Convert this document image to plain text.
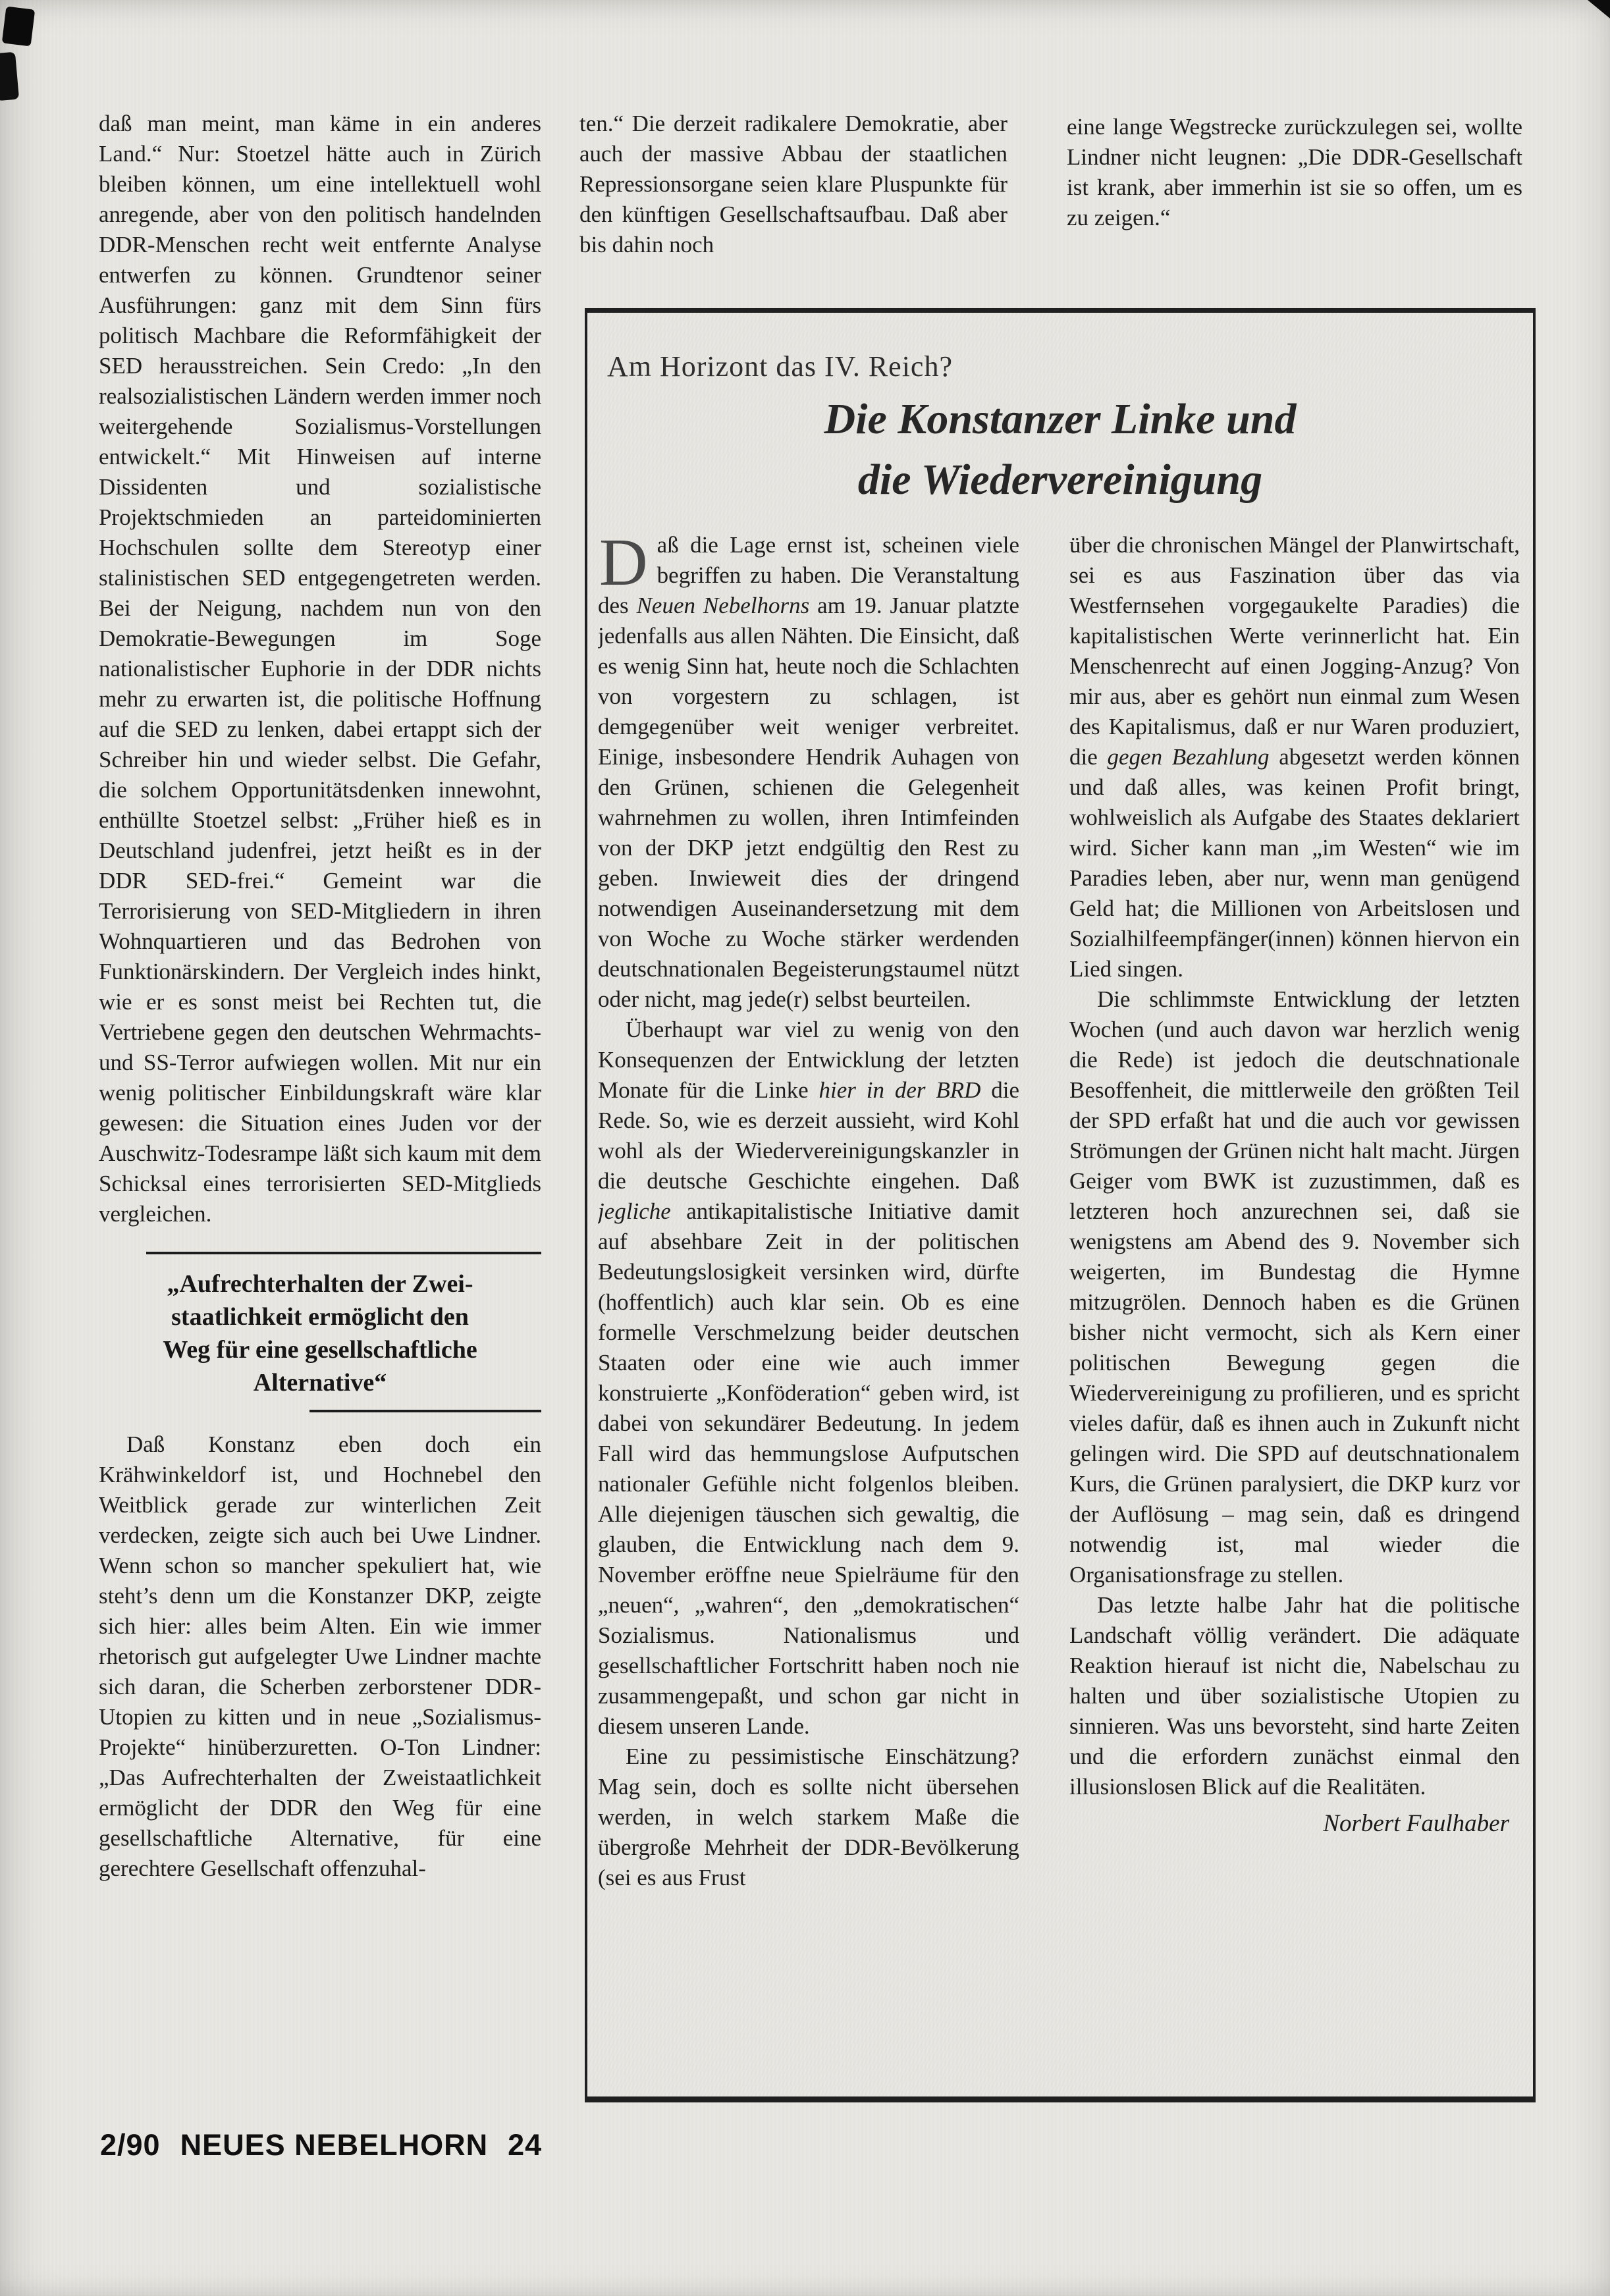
daß man meint, man käme in ein anderes Land.“ Nur: Stoetzel hätte auch in Zürich bleiben können, um eine intellektuell wohl anregende, aber von den politisch handelnden DDR-Menschen recht weit entfernte Analyse entwerfen zu können. Grundtenor seiner Ausführungen: ganz mit dem Sinn fürs politisch Machbare die Reformfähigkeit der SED herausstreichen. Sein Credo: „In den realsozialistischen Ländern werden immer noch weitergehende Sozialismus-Vorstellungen entwickelt.“ Mit Hinweisen auf interne Dissidenten und sozialistische Projektschmieden an parteidominierten Hochschulen sollte dem Stereotyp einer stalinistischen SED entgegengetreten werden. Bei der Neigung, nachdem nun von den Demokratie-Bewegungen im Soge nationalistischer Euphorie in der DDR nichts mehr zu erwarten ist, die politische Hoffnung auf die SED zu lenken, dabei ertappt sich der Schreiber hin und wieder selbst. Die Gefahr, die solchem Opportunitätsdenken innewohnt, enthüllte Stoetzel selbst: „Früher hieß es in Deutschland judenfrei, jetzt heißt es in der DDR SED-frei.“ Gemeint war die Terrorisierung von SED-Mitgliedern in ihren Wohnquartieren und das Bedrohen von Funktionärskindern. Der Vergleich indes hinkt, wie er es sonst meist bei Rechten tut, die Vertriebene gegen den deutschen Wehrmachts- und SS-Terror aufwiegen wollen. Mit nur ein wenig politischer Einbildungskraft wäre klar gewesen: die Situation eines Juden vor der Auschwitz-Todesrampe läßt sich kaum mit dem Schicksal eines terrorisierten SED-Mitglieds vergleichen.

„Aufrechterhalten der Zwei-
staatlichkeit ermöglicht den
Weg für eine gesellschaftliche
Alternative“

Daß Konstanz eben doch ein Krähwinkeldorf ist, und Hochnebel den Weitblick gerade zur winterlichen Zeit verdecken, zeigte sich auch bei Uwe Lindner. Wenn schon so mancher spekuliert hat, wie steht’s denn um die Konstanzer DKP, zeigte sich hier: alles beim Alten. Ein wie immer rhetorisch gut aufgelegter Uwe Lindner machte sich daran, die Scherben zerborstener DDR-Utopien zu kitten und in neue „Sozialismus-Projekte“ hinüberzuretten. O-Ton Lindner: „Das Aufrechterhalten der Zweistaatlichkeit ermöglicht der DDR den Weg für eine gesellschaftliche Alternative, für eine gerechtere Gesellschaft offenzuhal-

ten.“ Die derzeit radikalere Demokratie, aber auch der massive Abbau der staatlichen Repressionsorgane seien klare Pluspunkte für den künftigen Gesellschaftsaufbau. Daß aber bis dahin noch

eine lange Wegstrecke zurückzulegen sei, wollte Lindner nicht leugnen: „Die DDR-Gesellschaft ist krank, aber immerhin ist sie so offen, um es zu zeigen.“

Am Horizont das IV. Reich?
Die Konstanzer Linke und
die Wiedervereinigung

Daß die Lage ernst ist, scheinen viele begriffen zu haben. Die Veranstaltung des Neuen Nebelhorns am 19. Januar platzte jedenfalls aus allen Nähten. Die Einsicht, daß es wenig Sinn hat, heute noch die Schlachten von vorgestern zu schlagen, ist demgegenüber weit weniger verbreitet. Einige, insbesondere Hendrik Auhagen von den Grünen, schienen die Gelegenheit wahrnehmen zu wollen, ihren Intimfeinden von der DKP jetzt endgültig den Rest zu geben. Inwieweit dies der dringend notwendigen Auseinandersetzung mit dem von Woche zu Woche stärker werdenden deutschnationalen Begeisterungstaumel nützt oder nicht, mag jede(r) selbst beurteilen.

Überhaupt war viel zu wenig von den Konsequenzen der Entwicklung der letzten Monate für die Linke hier in der BRD die Rede. So, wie es derzeit aussieht, wird Kohl wohl als der Wiedervereinigungskanzler in die deutsche Geschichte eingehen. Daß jegliche antikapitalistische Initiative damit auf absehbare Zeit in der politischen Bedeutungslosigkeit versinken wird, dürfte (hoffentlich) auch klar sein. Ob es eine formelle Verschmelzung beider deutschen Staaten oder eine wie auch immer konstruierte „Konföderation“ geben wird, ist dabei von sekundärer Bedeutung. In jedem Fall wird das hemmungslose Aufputschen nationaler Gefühle nicht folgenlos bleiben. Alle diejenigen täuschen sich gewaltig, die glauben, die Entwicklung nach dem 9. November eröffne neue Spielräume für den „neuen“, „wahren“, den „demokratischen“ Sozialismus. Nationalismus und gesellschaftlicher Fortschritt haben noch nie zusammengepaßt, und schon gar nicht in diesem unseren Lande.

Eine zu pessimistische Einschätzung? Mag sein, doch es sollte nicht übersehen werden, in welch starkem Maße die übergroße Mehrheit der DDR-Bevölkerung (sei es aus Frust

über die chronischen Mängel der Planwirtschaft, sei es aus Faszination über das via Westfernsehen vorgegaukelte Paradies) die kapitalistischen Werte verinnerlicht hat. Ein Menschenrecht auf einen Jogging-Anzug? Von mir aus, aber es gehört nun einmal zum Wesen des Kapitalismus, daß er nur Waren produziert, die gegen Bezahlung abgesetzt werden können und daß alles, was keinen Profit bringt, wohlweislich als Aufgabe des Staates deklariert wird. Sicher kann man „im Westen“ wie im Paradies leben, aber nur, wenn man genügend Geld hat; die Millionen von Arbeitslosen und Sozialhilfeempfänger(innen) können hiervon ein Lied singen.

Die schlimmste Entwicklung der letzten Wochen (und auch davon war herzlich wenig die Rede) ist jedoch die deutschnationale Besoffenheit, die mittlerweile den größten Teil der SPD erfaßt hat und die auch vor gewissen Strömungen der Grünen nicht halt macht. Jürgen Geiger vom BWK ist zuzustimmen, daß es letzteren hoch anzurechnen sei, daß sie wenigstens am Abend des 9. November sich weigerten, im Bundestag die Hymne mitzugrölen. Dennoch haben es die Grünen bisher nicht vermocht, sich als Kern einer politischen Bewegung gegen die Wiedervereinigung zu profilieren, und es spricht vieles dafür, daß es ihnen auch in Zukunft nicht gelingen wird. Die SPD auf deutschnationalem Kurs, die Grünen paralysiert, die DKP kurz vor der Auflösung – mag sein, daß es dringend notwendig ist, mal wieder die Organisationsfrage zu stellen.

Das letzte halbe Jahr hat die politische Landschaft völlig verändert. Die adäquate Reaktion hierauf ist nicht die, Nabelschau zu halten und über sozialistische Utopien zu sinnieren. Was uns bevorsteht, sind harte Zeiten und die erfordern zunächst einmal den illusionslosen Blick auf die Realitäten.

Norbert Faulhaber
2/90 NEUES NEBELHORN 24
